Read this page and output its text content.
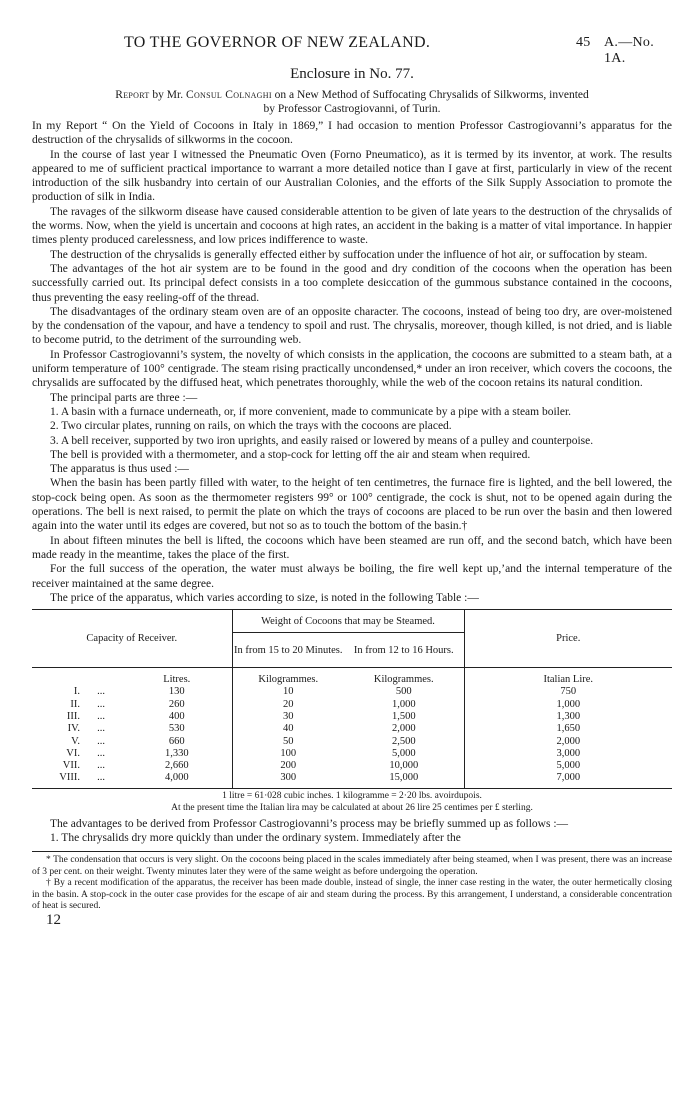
TO THE GOVERNOR OF NEW ZEALAND.	45 A.—No. 1A.
Enclosure in No. 77.
Report by Mr. Consul Colnaghi on a New Method of Suffocating Chrysalids of Silkworms, invented
by Professor Castrogiovanni, of Turin.

In my Report “ On the Yield of Cocoons in Italy in 1869,” I had occasion to mention Professor Castrogiovanni’s apparatus for the destruction of the chrysalids of silkworms in the cocoon.

In the course of last year I witnessed the Pneumatic Oven (Forno Pneumatico), as it is termed by its inventor, at work. The results appeared to me of sufficient practical importance to warrant a more detailed notice than I gave at first, particularly in view of the recent introduction of the silk husbandry into certain of our Australian Colonies, and the efforts of the Silk Supply Association to promote the production of silk in India.

The ravages of the silkworm disease have caused considerable attention to be given of late years to the destruction of the chrysalids of the worms. Now, when the yield is uncertain and cocoons at high rates, an accident in the baking is a matter of vital importance. In happier times plenty produced carelessness, and low prices indifference to waste.

The destruction of the chrysalids is generally effected either by suffocation under the influence of hot air, or suffocation by steam.

The advantages of the hot air system are to be found in the good and dry condition of the cocoons when the operation has been successfully carried out. Its principal defect consists in a too complete desiccation of the gummous substance contained in the cocoons, thus preventing the easy reeling-off of the thread.

The disadvantages of the ordinary steam oven are of an opposite character. The cocoons, instead of being too dry, are over-moistened by the condensation of the vapour, and have a tendency to spoil and rust. The chrysalis, moreover, though killed, is not dried, and is liable to become putrid, to the detriment of the surrounding web.

In Professor Castrogiovanni’s system, the novelty of which consists in the application, the cocoons are submitted to a steam bath, at a uniform temperature of 100° centigrade. The steam rising practically uncondensed,* under an iron receiver, which covers the cocoons, the chrysalids are suffocated by the diffused heat, which penetrates thoroughly, while the web of the cocoon retains its natural condition.

The principal parts are three :—

1. A basin with a furnace underneath, or, if more convenient, made to communicate by a pipe with a steam boiler.

2. Two circular plates, running on rails, on which the trays with the cocoons are placed.

3. A bell receiver, supported by two iron uprights, and easily raised or lowered by means of a pulley and counterpoise.

The bell is provided with a thermometer, and a stop-cock for letting off the air and steam when required.

The apparatus is thus used :—

When the basin has been partly filled with water, to the height of ten centimetres, the furnace fire is lighted, and the bell lowered, the stop-cock being open. As soon as the thermometer registers 99° or 100° centigrade, the cock is shut, not to be opened again during the operations. The bell is next raised, to permit the plate on which the trays of cocoons are placed to be run over the basin and then lowered again into the water until its edges are covered, but not so as to touch the bottom of the basin.†

In about fifteen minutes the bell is lifted, the cocoons which have been steamed are run off, and the second batch, which have been made ready in the meantime, takes the place of the first.

For the full success of the operation, the water must always be boiling, the fire well kept up,’and the internal temperature of the receiver maintained at the same degree.

The price of the apparatus, which varies according to size, is noted in the following Table :—

Capacity of Receiver.			Weight of Cocoons that may be Steamed.		Price.
			In from 15 to 20 Minutes.	In from 12 to 16 Hours.	
		Litres.	Kilogrammes.	Kilogrammes.	Italian Lire.
I.	...	130	10	500	750
II.	...	260	20	1,000	1,000
III.	...	400	30	1,500	1,300
IV.	...	530	40	2,000	1,650
V.	...	660	50	2,500	2,000
VI.	...	1,330	100	5,000	3,000
VII.	...	2,660	200	10,000	5,000
VIII.	...	4,000	300	15,000	7,000
1 litre = 61·028 cubic inches. 1 kilogramme = 2·20 lbs. avoirdupois.
At the present time the Italian lira may be calculated at about 26 lire 25 centimes per £ sterling.

The advantages to be derived from Professor Castrogiovanni’s process may be briefly summed up as follows :—

1. The chrysalids dry more quickly than under the ordinary system. Immediately after the

* The condensation that occurs is very slight. On the cocoons being placed in the scales immediately after being steamed, when I was present, there was an increase of 3 per cent. on their weight. Twenty minutes later they were of the same weight as before undergoing the operation.

† By a recent modification of the apparatus, the receiver has been made double, instead of single, the inner case resting in the water, the outer hermetically closing in the basin. A stop-cock in the outer case provides for the escape of air and steam during the process. By this arrangement, I understand, a considerable concentration of heat is secured.

12
